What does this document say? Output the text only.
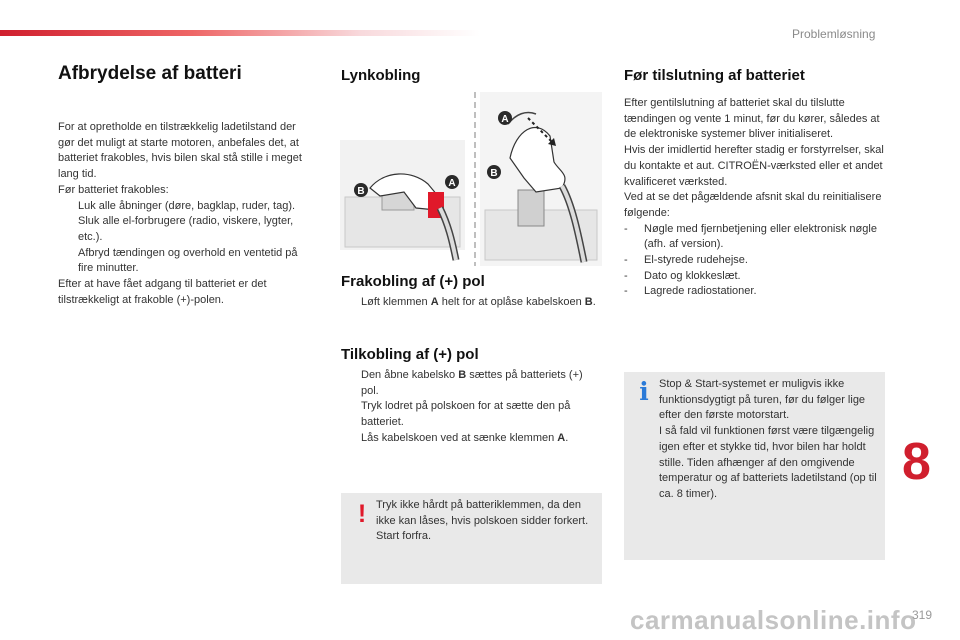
Problemløsning
Afbrydelse af batteri

For at opretholde en tilstrækkelig ladetilstand der gør det muligt at starte motoren, anbefales det, at batteriet frakobles, hvis bilen skal stå stille i meget lang tid.

Før batteriet frakobles:

Luk alle åbninger (døre, bagklap, ruder, tag).
Sluk alle el-forbrugere (radio, viskere, lygter, etc.).
Afbryd tændingen og overhold en ventetid på fire minutter.

Efter at have fået adgang til batteriet er det tilstrækkeligt at frakoble (+)-polen.

Lynkobling
B
A
A
B
Frakobling af (+) pol
Løft klemmen A helt for at oplåse kabelskoen B.
Tilkobling af (+) pol
Den åbne kabelsko B sættes på batteriets (+) pol.
Tryk lodret på polskoen for at sætte den på batteriet.
Lås kabelskoen ved at sænke klemmen A.
! Tryk ikke hårdt på batteriklemmen, da den ikke kan låses, hvis polskoen sidder forkert. Start forfra.
Før tilslutning af batteriet

Efter gentilslutning af batteriet skal du tilslutte tændingen og vente 1 minut, før du kører, således at de elektroniske systemer bliver initialiseret.

Hvis der imidlertid herefter stadig er forstyrrelser, skal du kontakte et aut. CITROËN-værksted eller et andet kvalificeret værksted.

Ved at se det pågældende afsnit skal du reinitialisere følgende:

- Nøgle med fjernbetjening eller elektronisk nøgle (afh. af version).
- El-styrede rudehejse.
- Dato og klokkeslæt.
- Lagrede radiostationer.
i Stop & Start-systemet er muligvis ikke funktionsdygtigt på turen, før du følger lige efter den første motorstart.
I så fald vil funktionen først være tilgængelig igen efter et stykke tid, hvor bilen har holdt stille. Tiden afhænger af den omgivende temperatur og af batteriets ladetilstand (op til ca. 8 timer).
8
carmanualsonline.info
319
